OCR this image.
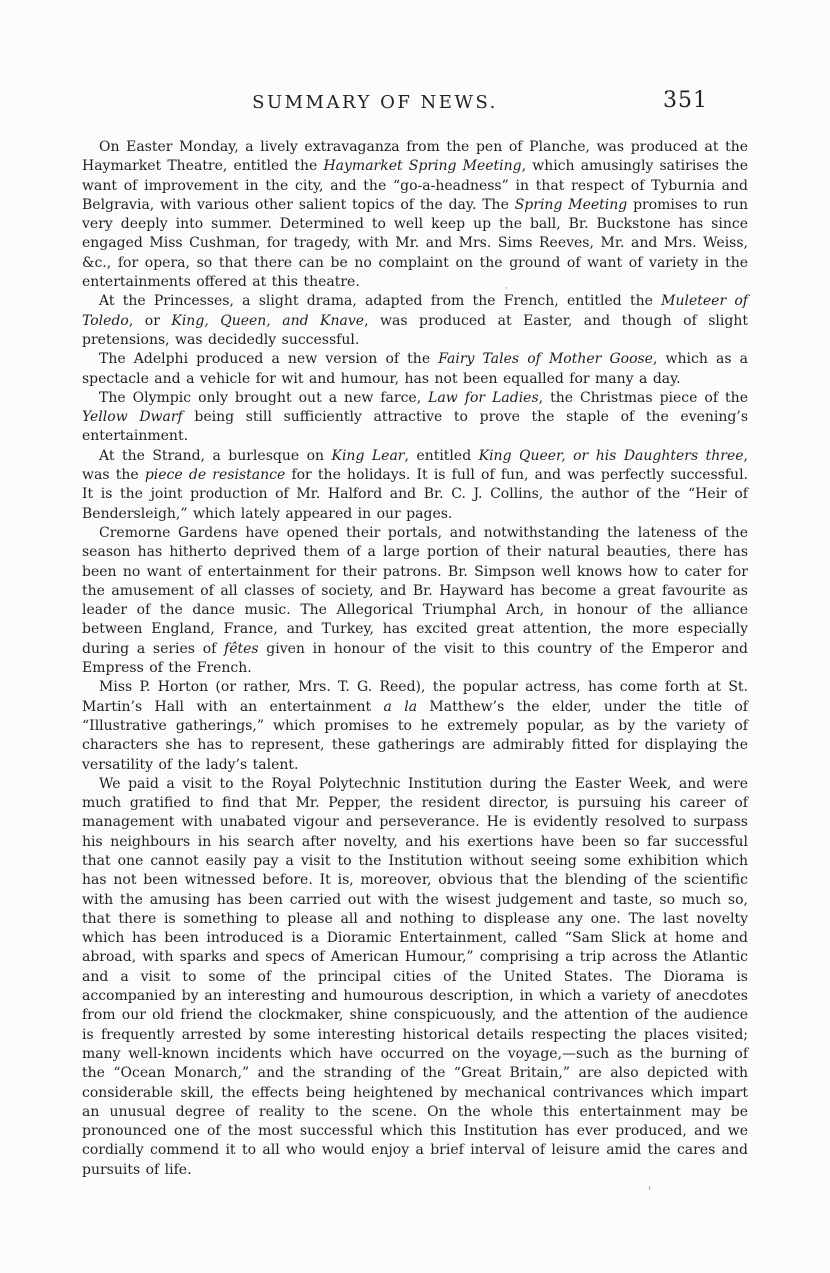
SUMMARY OF NEWS.	351

On Easter Monday, a lively extravaganza from the pen of Planche, was produced at the Haymarket Theatre, entitled the Haymarket Spring Meeting, which amusingly satirises the want of improvement in the city, and the “go-a-headness” in that respect of Tyburnia and Belgravia, with various other salient topics of the day. The Spring Meeting promises to run very deeply into summer. Determined to well keep up the ball, Br. Buckstone has since engaged Miss Cushman, for tragedy, with Mr. and Mrs. Sims Reeves, Mr. and Mrs. Weiss, &c., for opera, so that there can be no complaint on the ground of want of variety in the entertainments offered at this theatre.

At the Princesses, a slight drama, adapted from the French, entitled the Muleteer of Toledo, or King, Queen, and Knave, was produced at Easter, and though of slight pretensions, was decidedly successful.

The Adelphi produced a new version of the Fairy Tales of Mother Goose, which as a spectacle and a vehicle for wit and humour, has not been equalled for many a day.

The Olympic only brought out a new farce, Law for Ladies, the Christmas piece of the Yellow Dwarf being still sufficiently attractive to prove the staple of the evening’s entertainment.

At the Strand, a burlesque on King Lear, entitled King Queer, or his Daughters three, was the piece de resistance for the holidays. It is full of fun, and was perfectly successful. It is the joint production of Mr. Halford and Br. C. J. Collins, the author of the “Heir of Bendersleigh,” which lately appeared in our pages.

Cremorne Gardens have opened their portals, and notwithstanding the lateness of the season has hitherto deprived them of a large portion of their natural beauties, there has been no want of entertainment for their patrons. Br. Simpson well knows how to cater for the amusement of all classes of society, and Br. Hayward has become a great favourite as leader of the dance music. The Allegorical Triumphal Arch, in honour of the alliance between England, France, and Turkey, has excited great attention, the more especially during a series of fêtes given in honour of the visit to this country of the Emperor and Empress of the French.

Miss P. Horton (or rather, Mrs. T. G. Reed), the popular actress, has come forth at St. Martin’s Hall with an entertainment a la Matthew’s the elder, under the title of “Illustrative gatherings,” which promises to he extremely popular, as by the variety of characters she has to represent, these gatherings are admirably fitted for displaying the versatility of the lady’s talent.

We paid a visit to the Royal Polytechnic Institution during the Easter Week, and were much gratified to find that Mr. Pepper, the resident director, is pursuing his career of management with unabated vigour and perseverance. He is evidently resolved to surpass his neighbours in his search after novelty, and his exertions have been so far successful that one cannot easily pay a visit to the Institution without seeing some exhibition which has not been witnessed before. It is, moreover, obvious that the blending of the scientific with the amusing has been carried out with the wisest judgement and taste, so much so, that there is something to please all and nothing to displease any one. The last novelty which has been introduced is a Dioramic Entertainment, called “Sam Slick at home and abroad, with sparks and specs of American Humour,” comprising a trip across the Atlantic and a visit to some of the principal cities of the United States. The Diorama is accompanied by an interesting and humourous description, in which a variety of anecdotes from our old friend the clockmaker, shine conspicuously, and the attention of the audience is frequently arrested by some interesting historical details respecting the places visited; many well-known incidents which have occurred on the voyage,—such as the burning of the “Ocean Monarch,” and the stranding of the “Great Britain,” are also depicted with considerable skill, the effects being heightened by mechanical contrivances which impart an unusual degree of reality to the scene. On the whole this entertainment may be pronounced one of the most successful which this Institution has ever produced, and we cordially commend it to all who would enjoy a brief interval of leisure amid the cares and pursuits of life.

·
‚ ·
